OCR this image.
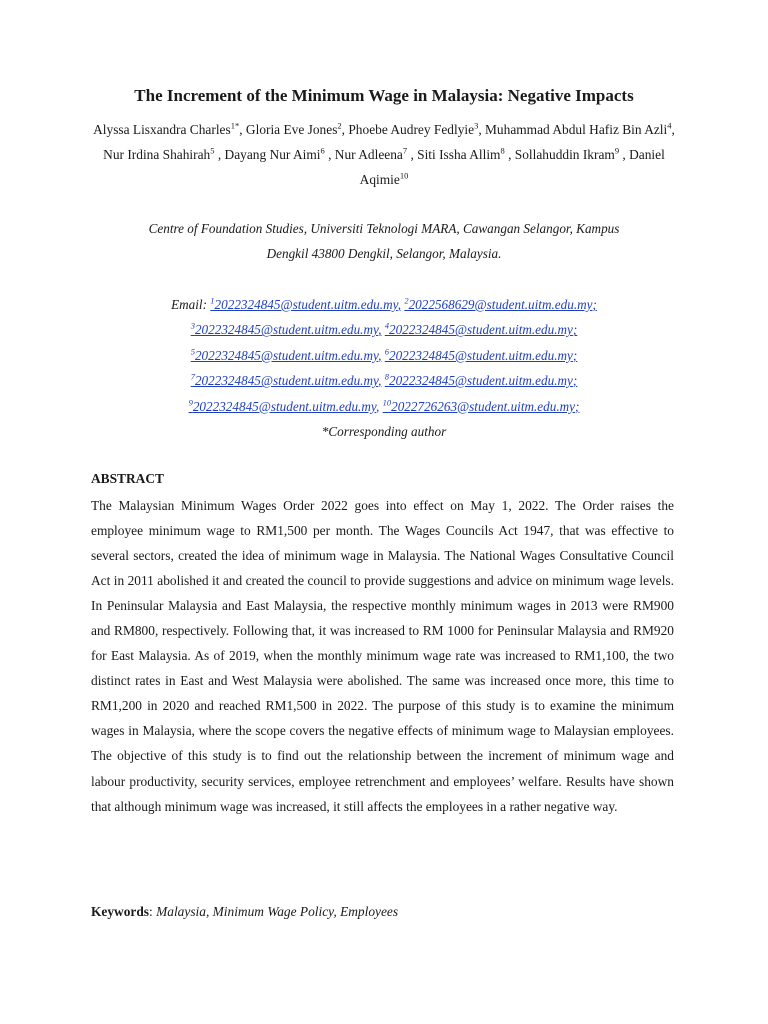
The Increment of the Minimum Wage in Malaysia: Negative Impacts
Alyssa Lisxandra Charles$^{1*}$, Gloria Eve Jones$^2$, Phoebe Audrey Fedlyie$^3$, Muhammad Abdul Hafiz Bin Azli$^4$, Nur Irdina Shahirah$^5$ , Dayang Nur Aimi$^6$ , Nur Adleena$^7$ , Siti Issha Allim$^8$ , Sollahuddin Ikram$^9$ , Daniel Aqimie$^{10}$
Centre of Foundation Studies, Universiti Teknologi MARA, Cawangan Selangor, Kampus
Dengkil 43800 Dengkil, Selangor, Malaysia.
Email: $^1$2022324845@student.uitm.edu.my, $^2$2022568629@student.uitm.edu.my;
$^3$2022324845@student.uitm.edu.my, $^4$2022324845@student.uitm.edu.my;
$^5$2022324845@student.uitm.edu.my, $^6$2022324845@student.uitm.edu.my;
$^7$2022324845@student.uitm.edu.my, $^8$2022324845@student.uitm.edu.my;
$^9$2022324845@student.uitm.edu.my, $^{10}$2022726263@student.uitm.edu.my;
*Corresponding author
ABSTRACT

The Malaysian Minimum Wages Order 2022 goes into effect on May 1, 2022. The Order raises the employee minimum wage to RM1,500 per month. The Wages Councils Act 1947, that was effective to several sectors, created the idea of minimum wage in Malaysia. The National Wages Consultative Council Act in 2011 abolished it and created the council to provide suggestions and advice on minimum wage levels. In Peninsular Malaysia and East Malaysia, the respective monthly minimum wages in 2013 were RM900 and RM800, respectively. Following that, it was increased to RM 1000 for Peninsular Malaysia and RM920 for East Malaysia. As of 2019, when the monthly minimum wage rate was increased to RM1,100, the two distinct rates in East and West Malaysia were abolished. The same was increased once more, this time to RM1,200 in 2020 and reached RM1,500 in 2022. The purpose of this study is to examine the minimum wages in Malaysia, where the scope covers the negative effects of minimum wage to Malaysian employees. The objective of this study is to find out the relationship between the increment of minimum wage and labour productivity, security services, employee retrenchment and employees’ welfare. Results have shown that although minimum wage was increased, it still affects the employees in a rather negative way.

Keywords: Malaysia, Minimum Wage Policy, Employees
